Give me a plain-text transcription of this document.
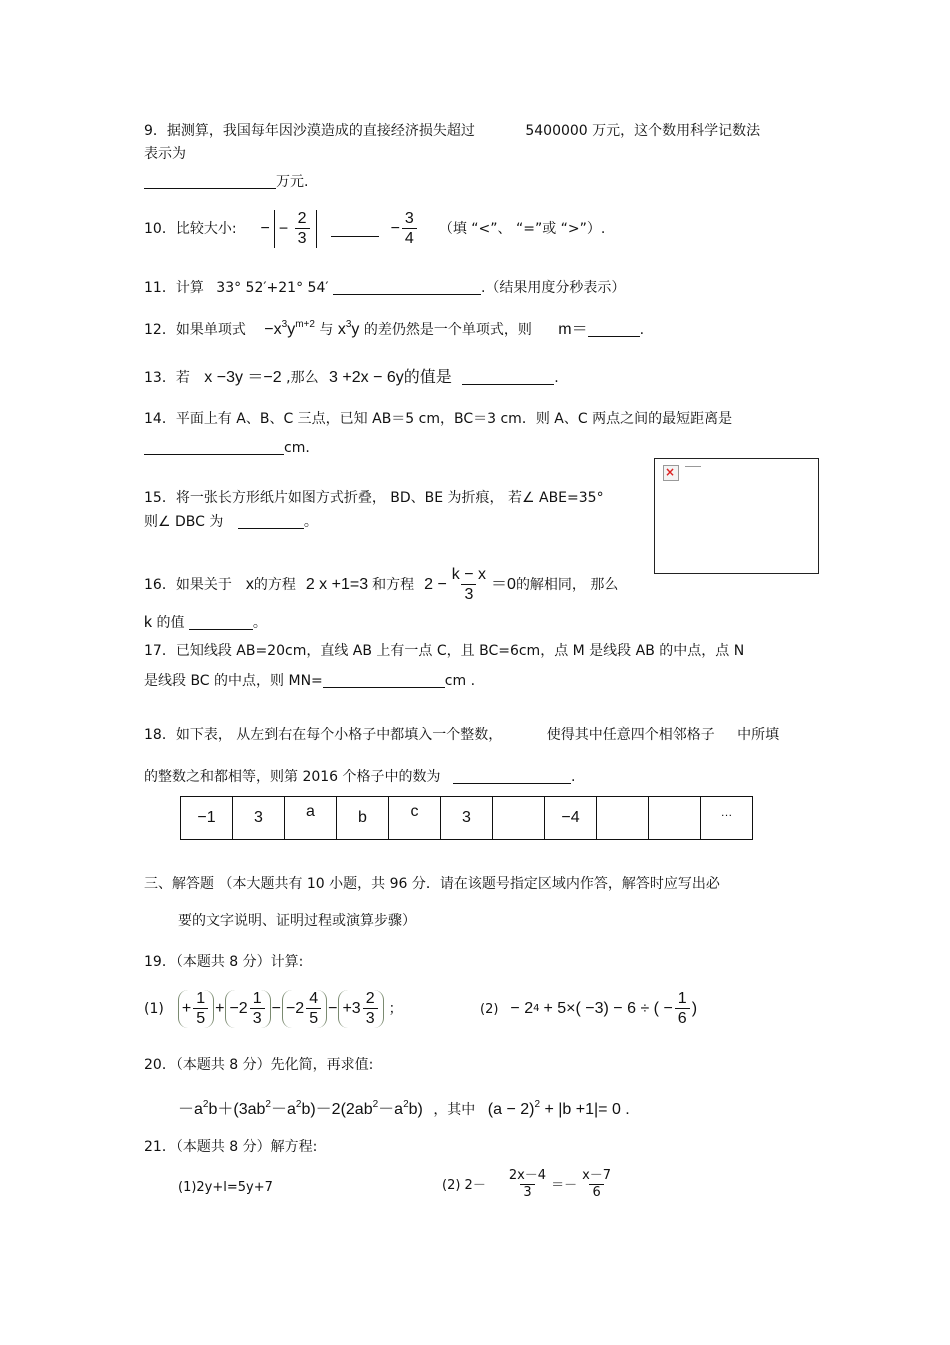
9．据测算，我国每年因沙漠造成的直接经济损失超过	5400000 万元，这个数用科学记数法
表示为
万元.
10．比较大小: − − $\frac{2}{3}$	− $\frac{3}{4}$ （填 “<”、 “=”或 “>”）.
11．计算 33° 52′+21° 54′	.（结果用度分秒表示）
12．如果单项式 $-x^3y^{m+2}$ 与 $x^3y$ 的差仍然是一个单项式，则 m＝	.
13．若 x −3y ＝−2 ,那么 3 +2x − 6y的值是	.
14．平面上有 A、B、C 三点，已知 AB＝5 cm，BC＝3 cm．则 A、C 两点之间的最短距离是
cm.
15．将一张长方形纸片如图方式折叠， BD、BE 为折痕， 若∠ ABE=35°
则∠ DBC 为	。
×
16．如果关于 x 的方程 2 x +1=3 和方程 $2 - \frac{k - x}{3} =0$ 的解相同， 那么
k 的值	。
17．已知线段 AB=20cm，直线 AB 上有一点 C，且 BC=6cm，点 M 是线段 AB 的中点，点 N
是线段 BC 的中点，则 MN=	cm .
18．如下表， 从左到右在每个小格子中都填入一个整数，	使得其中任意四个相邻格子 中所填
的整数之和都相等，则第 2016 个格子中的数为	.
−1	3	a	b	c	3		−4			…
三、解答题 （本大题共有 10 小题，共 96 分．请在该题号指定区域内作答，解答时应写出必
要的文字说明、证明过程或演算步骤）
19．（本题共 8 分）计算:
$(1) + \frac{1}{5} + -2 \frac{1}{3} - -2 \frac{4}{5} - +3 \frac{2}{3}$ ；	(2) − 2 4 + 5×( −3) − 6 ÷ ( − $\frac{1}{6}$ )
20．（本题共 8 分）先化简，再求值:
$-a^2b+(3ab^2-a^2b)-2(2ab^2-a^2b)$ ，其中 $(a - 2)^2 + |b +1|= 0$ .
21．（本题共 8 分）解方程:
(1)2y+l=5y+7	(2) $2- \frac{2x-4}{3} =- \frac{x-7}{6}$
